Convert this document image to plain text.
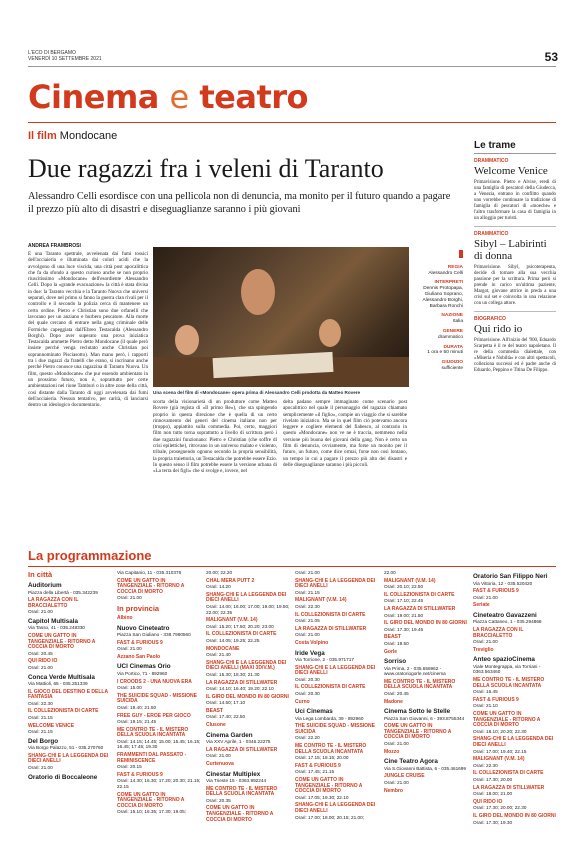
L'ECO DI BERGAMO
VENERDÌ 10 SETTEMBRE 2021	53
Cinema e teatro
Il film Mondocane
Due ragazzi fra i veleni di Taranto

Alessandro Celli esordisce con una pellicola non di denuncia, ma monito per il futuro quando a pagare il prezzo più alto di disastri e diseguaglianze saranno i più giovani

ANDREA FRAMBROSI
È una Taranto spettrale, avvelenata dai fumi tossici dell'acciaieria e illuminata dai colori acidi che la avvolgono di una luce viscida, una città post apocalittica che fa da sfondo a questo curioso anche se non proprio riuscitissimo «Mondocane» dell'esordiente Alessandro Celli. Dopo la «grande evacuazione» la città è stata divisa in due: la Taranto vecchia e la Taranto Nuova che universi separati, dove nel primo si fanno la guerra clan rivali per il controllo e il secondo la polizia cerca di mantenere un certo ordine. Pietro e Christian sono due orfanelli che lavorano per un anziano e burbero pescatore. Alla morte del quale cercano di entrare nella gang criminale delle Formiche capeggiata dall'Ebreo Testacalda (Alessandro Borghi). Dopo aver superato una prova iniziatica Testacalda ammette Pietro detto Mondocane (il quale però insiste perché venga reclutato anche Christian poi soprannominato Pisciasotto). Man mano però, i rapporti tra i due ragazzi da fratelli che erano, si incrinano anche perché Pietro conosce una ragazzina di Taranto Nuova. Un film, questo «Mondocane» che pur essendo ambientato in un prossimo futuro, non è, soprattutto per certe ambientazioni nel rione Tamburi o in altre zone della città, così distante dalla Taranto di oggi avvelenata dai fumi dell'acciaieria. Nessun tentativo, per carità, di lanciarsi dentro un ideologico documentario.
scorta della visionarietà di un produttore come Matteo Rovere (già regista di «Il primo Re»), che sta spingendo proprio in questa direzione che è quella di un certo rinnovamento dei generi del cinema italiano non per (troppo), appiattito sulla commedia. Poi, certo, maggiori film non tutto torna soprattutto a livello di scrittura però i due ragazzini funzionano: Pietro e Christian (che soffre di crisi epilettiche), ritrovano in un universo malato e violento, tribale, proseguendo ognuno secondo la propria sensibilità, la propria traiettoria, un Testacalda che potrebbe essere Ezio. In questo senso il film potrebbe essere la versione urbana di «La terra dei figli» che si svolge e, invece, nel
delta padano sempre immaginato come scenario post apocalittico nel quale il personaggio del ragazzo chiamato semplicemente «il figlio», compie un viaggio che si sarebbe rivelato iniziatico. Ma se in quel film ciò potevamo ancora leggere e cogliere elementi del fiabesco, al contrario in questo «Mondocane» non ve ne è traccia, nemmeno nella versione più buona dei giovani della gang. Non è certo un film di denuncia, ovviamente, ma forse un monito per il futuro, un futuro, come dice ormai, forse non così lontano, un tempo in cui a pagare il prezzo più alto dei disastri e delle diseguaglianze saranno i più piccoli.
Una scena del film di «Mondocane» opera prima di Alessandro Celli prodotta da Matteo Rovere
REGIA
Alessandro Celli
INTERPRETI
Dennis Protopapa, Giuliano Soprano, Alessandro Borghi, Barbara Ronchi
NAZIONE
Italia
GENERE
drammatico
DURATA
1 ora e 50 minuti
GIUDIZIO
sufficiente
Le trame
DRAMMATICO
Welcome Venice
Primavisione. Pietro e Alvise, eredi di una famiglia di pescatori della Giudecca, a Venezia, entrano in conflitto quando uno vorrebbe continuare la tradizione di famiglia di pescatori di «moeche» e l'altro trasformare la casa di famiglia in un alloggio per turisti.
DRAMMATICO
Sibyl – Labirinti di donna
Primavisione. Sibyl, psicoterapeuta, decide di tornare alla sua vecchia passione per la scrittura. Prima però si prende in carico un'ultima paziente, Margot, giovane attrice in preda a una crisi sul set e coinvolta in una relazione con un collega attore.
BIOGRAFICO
Qui rido io
Primavisione. All'inizio del '900, Eduardo Scarpetta è il re del teatro napoletano. Il re della commedia dialettale, con «Miseria e Nobiltà» e con altri spettacoli, colleziona successi ed è padre anche di Eduardo, Peppino e Titina De Filippo.
La programmazione
In città
Auditorium
Piazza della Libertà - 035.342239
LA RAGAZZA CON IL BRACCIALETTO
Orari: 21.00
Capitol Multisala
Via Tasso, 41 - 035.248330
COME UN GATTO IN TANGENZIALE - RITORNO A COCCIA DI MORTO
Orari: 20.45
QUI RIDO IO
Orari: 21.00
Conca Verde Multisala
Via Mattioli, 65 - 035.251339
IL GIOCO DEL DESTINO E DELLA FANTASIA
Orari: 22.30
IL COLLEZIONISTA DI CARTE
Orari: 21.15
WELCOME VENICE
Orari: 21.15
Del Borgo
Via Borgo Palazzo, 51 - 035.270760
SHANG-CHI E LA LEGGENDA DEI DIECI ANELLI
Orari: 21.00
Oratorio di Boccaleone
Via Capitanio, 11 - 035.310376
COME UN GATTO IN TANGENZIALE - RITORNO A COCCIA DI MORTO
Orari: 21.00
In provincia
Albino
Nuovo Cineteatro
Piazza San Giuliano - 338.7990560
FAST & FURIOUS 9
Orari: 21.00
Azzano San Paolo
UCI Cinemas Orio
Via Portico, 71 - 892960
I CROODS 2 - UNA NUOVA ERA
Orari: 15.00
THE SUICIDE SQUAD - MISSIONE SUICIDA
Orari: 19.40; 21.50
FREE GUY - EROE PER GIOCO
Orari: 19.15; 21.45
ME CONTRO TE - IL MISTERO DELLA SCUOLA INCANTATA
Orari: 14.15; 14.45; 15.00; 15.45; 16.15; 16.45; 17.45; 19.30
FRAMMENTI DAL PASSATO - REMINISCENCE
Orari: 20.15
FAST & FURIOUS 9
Orari: 14.30; 16.30; 17.20; 20.30; 21.15; 22.15
COME UN GATTO IN TANGENZIALE - RITORNO A COCCIA DI MORTO
Orari: 15.10; 16.35; 17.30; 19.05;
20.00; 22.20
CHAL MERA PUTT 2
Orari: 14.20
SHANG-CHI E LA LEGGENDA DEI DIECI ANELLI
Orari: 14.00; 16.00; 17.00; 19.00; 19.50; 22.00; 22.35
MALIGNANT (V.M. 14)
Orari: 15.20; 17.50; 20.20; 23.00
IL COLLEZIONISTA DI CARTE
Orari: 14.05; 19.25; 22.25
MONDOCANE
Orari: 21.40
SHANG-CHI E LA LEGGENDA DEI DIECI ANELLI (MAXI 3D/V.M.)
Orari: 15.30; 18.30; 21.30
LA RAGAZZA DI STILLWATER
Orari: 14.10; 16.40; 19.20; 22.10
IL GIRO DEL MONDO IN 80 GIORNI
Orari: 14.50; 17.10
BEAST
Orari: 17.40; 22.50
Clusone
Cinema Garden
Via XXV Aprile, 1 - 0346.22275
LA RAGAZZA DI STILLWATER
Orari: 21.00
Curtenuova
Cinestar Multiplex
Via Trieste 15 - 0363.992244
ME CONTRO TE - IL MISTERO DELLA SCUOLA INCANTATA
Orari: 20.35
COME UN GATTO IN TANGENZIALE - RITORNO A COCCIA DI MORTO
Orari: 21.00
SHANG-CHI E LA LEGGENDA DEI DIECI ANELLI
Orari: 21.15
MALIGNANT (V.M. 14)
Orari: 22.30
IL COLLEZIONISTA DI CARTE
Orari: 21.05
LA RAGAZZA DI STILLWATER
Orari: 21.00
Costa Volpino
Iride Vega
Via Torrione, 2 - 035.971717
SHANG-CHI E LA LEGGENDA DEI DIECI ANELLI
Orari: 20.30
IL COLLEZIONISTA DI CARTE
Orari: 20.30
Curno
Uci Cinemas
Via Lega Lombarda, 39 - 892960
THE SUICIDE SQUAD - MISSIONE SUICIDA
Orari: 22.20
ME CONTRO TE - IL MISTERO DELLA SCUOLA INCANTATA
Orari: 17.15; 18.15; 20.00
FAST & FURIOUS 9
Orari: 17.45; 21.15
COME UN GATTO IN TANGENZIALE - RITORNO A COCCIA DI MORTO
Orari: 17.05; 19.30; 22.10
SHANG-CHI E LA LEGGENDA DEI DIECI ANELLI
Orari: 17.00; 18.00; 20.15; 21.00;
22.00
MALIGNANT (V.M. 14)
Orari: 20.10; 22.50
IL COLLEZIONISTA DI CARTE
Orari: 17.10; 22.45
LA RAGAZZA DI STILLWATER
Orari: 19.00; 21.50
IL GIRO DEL MONDO IN 80 GIORNI
Orari: 17.30; 19.45
BEAST
Orari: 19.50
Gorle
Sorriso
Via Prima, 2 - 035.656962 - www.oratoriogorle.net/cinema
ME CONTRO TE - IL MISTERO DELLA SCUOLA INCANTATA
Orari: 20.45
Madone
Cinema Sotto le Stelle
Piazza San Giovanni, 6 - 393.8755344
COME UN GATTO IN TANGENZIALE - RITORNO A COCCIA DI MORTO
Orari: 21.00
Mozzo
Cine Teatro Agora
Via S.Giovanni Battista, 6 - 035.461699
JUNGLE CRUISE
Orari: 21.00
Nembro
Oratorio San Filippo Neri
Via Vittoria, 12 - 035.520420
FAST & FURIOUS 9
Orari: 21.00
Seriate
Cineteatro Gavazzeni
Piazza Cattaneo, 1 - 035.294868
LA RAGAZZA CON IL BRACCIALETTO
Orari: 21.00
Treviglio
Anteo spazioCinema
Viale Montegrappa, via Torriani - 0363.563460
ME CONTRO TE - IL MISTERO DELLA SCUOLA INCANTATA
Orari: 16.45
FAST & FURIOUS 9
Orari: 21.10
COME UN GATTO IN TANGENZIALE - RITORNO A COCCIA DI MORTO
Orari: 18.10; 20.20; 22.30
SHANG-CHI E LA LEGGENDA DEI DIECI ANELLI
Orari: 17.00; 19.40; 22.15
MALIGNANT (V.M. 14)
Orari: 22.30
IL COLLEZIONISTA DI CARTE
Orari: 17.30; 20.00
LA RAGAZZA DI STILLWATER
Orari: 18.00; 21.00
QUI RIDO IO
Orari: 17.30; 20.00; 22.30
IL GIRO DEL MONDO IN 80 GIORNI
Orari: 17.30; 19.30
